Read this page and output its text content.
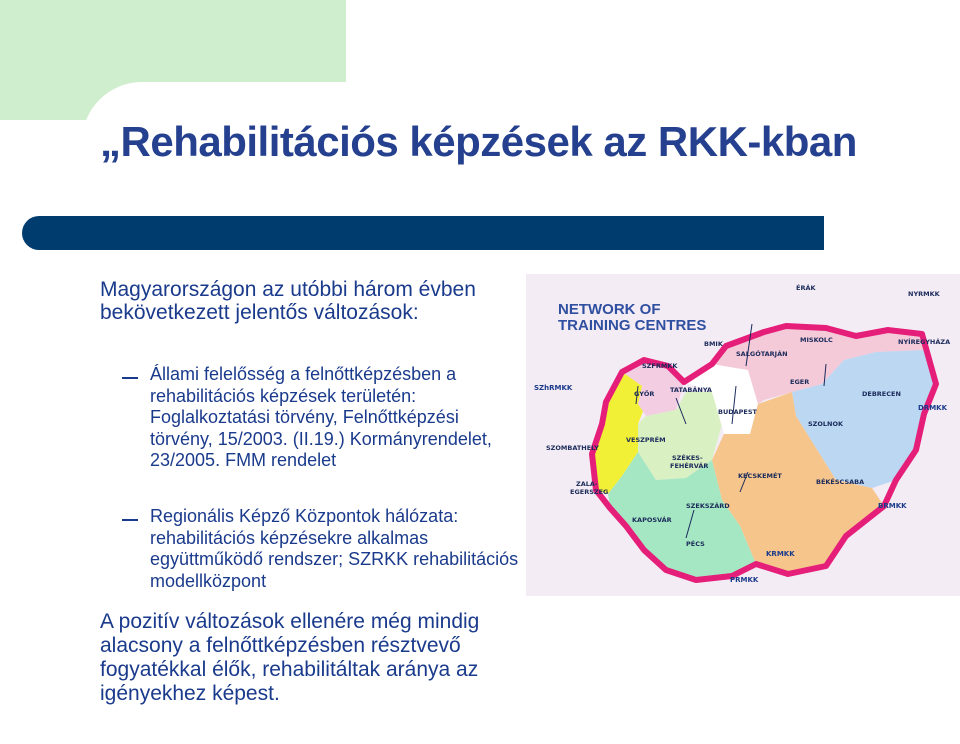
„Rehabilitációs képzések az RKK-kban

Magyarországon az utóbbi három évben bekövetkezett jelentős változások:

Állami felelősség a felnőttképzésben a rehabilitációs képzések területén: Foglalkoztatási törvény, Felnőttképzési törvény, 15/2003. (II.19.) Kormányrendelet, 23/2005. FMM rendelet

Regionális Képző Központok hálózata: rehabilitációs képzésekre alkalmas együttműködő rendszer; SZRKK rehabilitációs modellközpont

A pozitív változások ellenére még mindig alacsony a felnőttképzésben résztvevő fogyatékkal élők, rehabilitáltak aránya az igényekhez képest.

NETWORK OF
TRAINING CENTRES
SZFRMKK
GYŐR TATABÁNYA
SZhRMKK
SZOMBATHELY
VESZPRÉM
ZALA-
EGERSZEG
SZÉKES-
FEHÉRVÁR
BUDAPEST
BMIK
SALGÓTARJÁN
ÉRÁK
MISKOLC
EGER
NYRMKK
NYÍREGYHÁZA
DEBRECEN
DRMKK
SZOLNOK
KECSKEMÉT
BÉKÉSCSABA
BRMKK
KAPOSVÁR
SZEKSZÁRD
PÉCS
KRMKK
PRMKK
